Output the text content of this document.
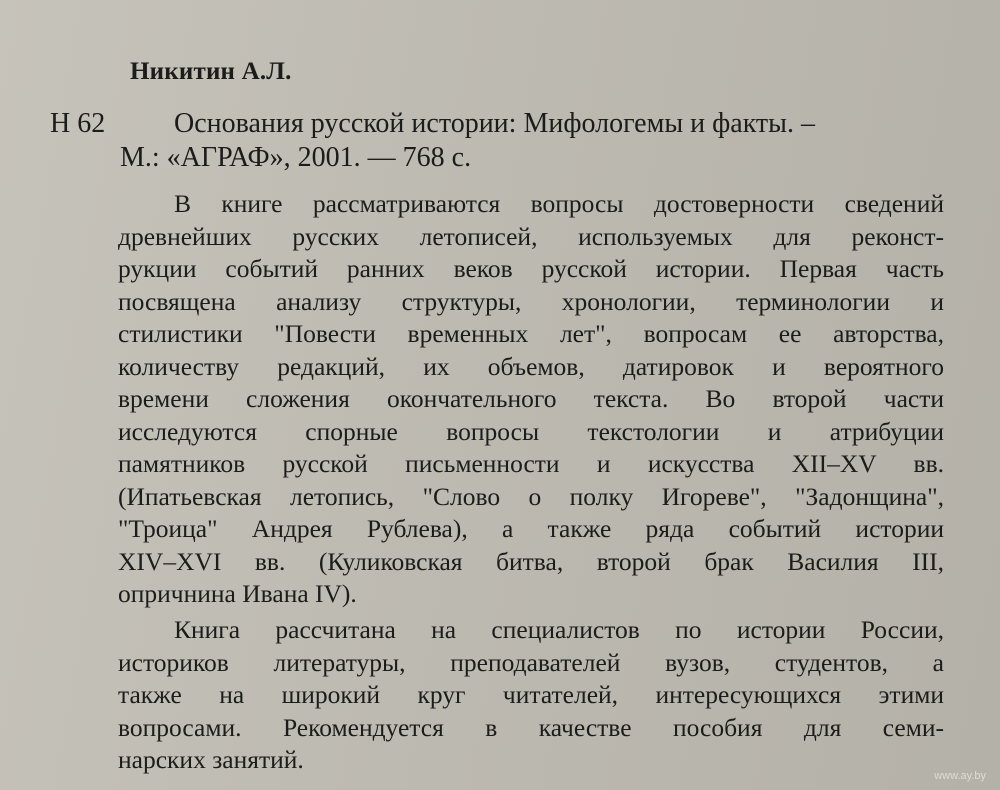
Никитин А.Л.
Н 62 Основания русской истории: Мифологемы и факты. –
М.: «АГРАФ», 2001. — 768 с.
В книге рассматриваются вопросы достоверности сведений
древнейших русских летописей, используемых для реконст-
рукции событий ранних веков русской истории. Первая часть
посвящена анализу структуры, хронологии, терминологии и
стилистики "Повести временных лет", вопросам ее авторства,
количеству редакций, их объемов, датировок и вероятного
времени сложения окончательного текста. Во второй части
исследуются спорные вопросы текстологии и атрибуции
памятников русской письменности и искусства XII–XV вв.
(Ипатьевская летопись, "Слово о полку Игореве", "Задонщина",
"Троица" Андрея Рублева), а также ряда событий истории
XIV–XVI вв. (Куликовская битва, второй брак Василия III,
опричнина Ивана IV).
Книга рассчитана на специалистов по истории России,
историков литературы, преподавателей вузов, студентов, а
также на широкий круг читателей, интересующихся этими
вопросами. Рекомендуется в качестве пособия для семи-
нарских занятий.
www.ay.by
